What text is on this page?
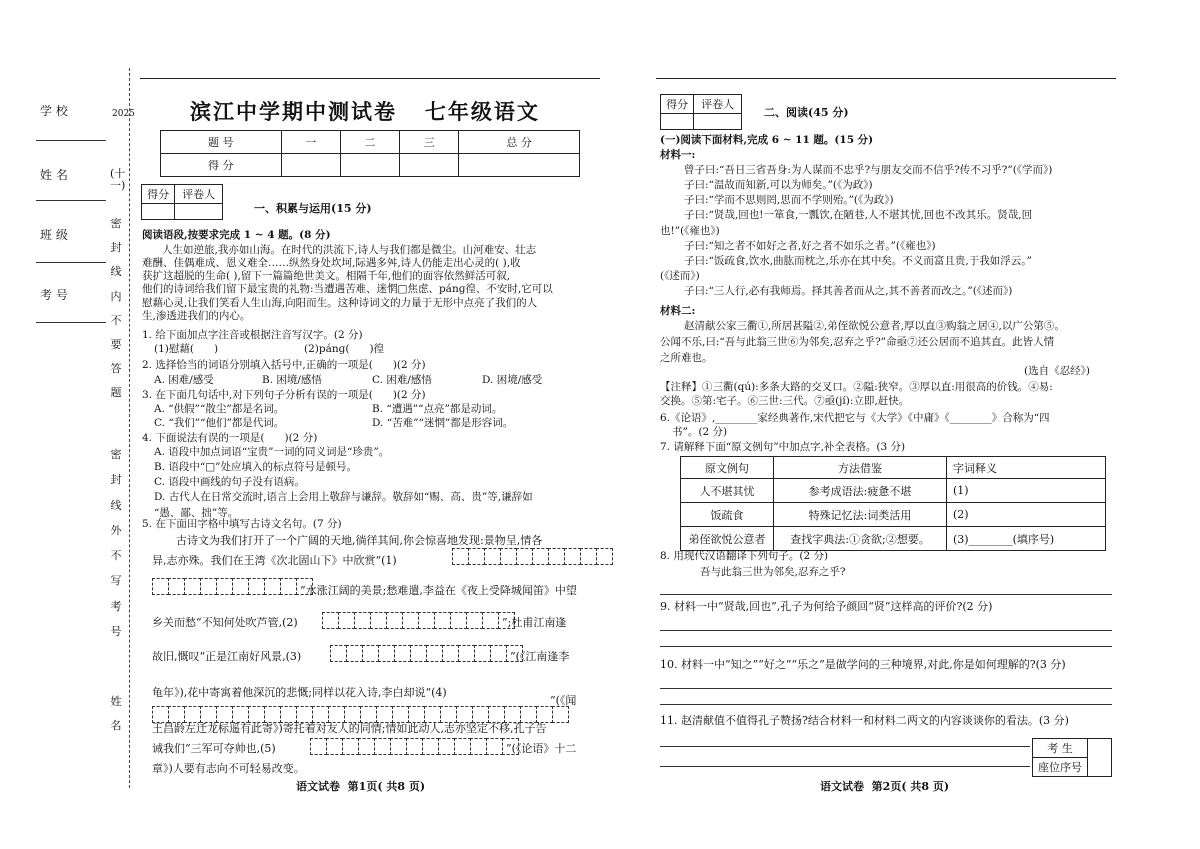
学 校
姓 名
班 级
考 号
2025
(十一)
密 封 线 内 不 要 答 题
密 封 线 外 不 写 考 号
姓 名
滨江中学期中测试卷   七年级语文
题 号	一	二	三	总 分
得 分				
得分	评卷人

一、积累与运用(15 分)
阅读语段,按要求完成 1 ~ 4 题。(8 分)
人生如逆旅,我亦如山海。在时代的洪流下,诗人与我们都是微尘。山河难安、壮志
难酬、佳偶难成、恩义难全……纵然身处坎坷,际遇多舛,诗人仍能走出心灵的( ),收
获扩这超脱的生命( ),留下一篇篇绝世美文。相隔千年,他们的面容依然鲜活可叙,
他们的诗词给我们留下最宝贵的礼物:当遭遇苦难、迷惘□焦虑、pánɡ徨、不安时,它可以
慰藉心灵,让我们笑看人生山海,向阳而生。这种诗词文的力量于无形中点亮了我们的人
生,渗透进我们的内心。
1. 给下面加点字注音或根据注音写汉字。(2 分)
(1)慰藉(      )	(2)pánɡ(      )徨
2. 选择恰当的词语分别填入括号中,正确的一项是(      )(2 分)
A. 困难/感受	B. 困境/感悟	C. 困难/感悟	D. 困境/感受
3. 在下面几句话中,对下列句子分析有误的一项是(      )(2 分)
A. “供假”“散尘”都是名词。	B. “遭遇”“点亮”都是动词。
C. “我们”“他们”都是代词。	D. “苦难”“迷惘”都是形容词。
4. 下面说法有误的一项是(      )(2 分)
A. 语段中加点词语“宝贵”一词的同义词是“珍贵”。
B. 语段中“□”处应填入的标点符号是顿号。
C. 语段中画线的句子没有语病。
D. 古代人在日常交流时,语言上会用上敬辞与谦辞。敬辞如“赐、高、贵”等,谦辞如
“愚、鄙、拙”等。
5. 在下面田字格中填写古诗文名句。(7 分)
古诗文为我们打开了一个广阔的天地,徜徉其间,你会惊喜地发现:景物呈,情各
异,志亦殊。我们在王湾《次北固山下》中欣赏“(1)
”水涨江阔的美景;愁难遣,李益在《夜上受降城闻笛》中望
乡关而愁“不知何处吹芦管,(2)	”;杜甫江南逢
故旧,慨叹“正是江南好风景,(3)	”(《江南逢李
龟年》),花中寄寓着他深沉的悲慨;同样以花入诗,李白却说“(4)
”(《闻
王昌龄左迁龙标遥有此寄》)寄托着对友人的同情;情如此动人,志亦坚定不移,孔子告
诫我们“三军可夺帅也,(5)	”(《论语》十二
章》)人要有志向不可轻易改变。
语文试卷  第1页( 共8 页)
得分	评卷人

二、阅读(45 分)
(一)阅读下面材料,完成 6 ~ 11 题。(15 分)
材料一:
曾子曰:“吾日三省吾身:为人谋而不忠乎?与朋友交而不信乎?传不习乎?”(《学而》)
子曰:“温故而知新,可以为师矣。”(《为政》)
子曰:“学而不思则罔,思而不学则殆。”(《为政》)
子曰:“贤哉,回也!一箪食,一瓢饮,在陋巷,人不堪其忧,回也不改其乐。贤哉,回
也!”(《雍也》)
子曰:“知之者不如好之者,好之者不如乐之者。”(《雍也》)
子曰:“饭疏食,饮水,曲肱而枕之,乐亦在其中矣。不义而富且贵,于我如浮云。”
(《述而》)
子曰:“三人行,必有我师焉。择其善者而从之,其不善者而改之。”(《述而》)
材料二:
赵清献公家三衢①,所居甚隘②,弟侄欲悦公意者,厚以直③购翁之居④,以广公第⑤。
公闻不乐,曰:“吾与此翁三世⑥为邻矣,忍弃之乎?”命亟⑦还公居而不追其直。此皆人情
之所难也。
(选自《忍经》)
【注释】①三衢(qú):多条大路的交叉口。②隘:狭窄。③厚以直:用很高的价钱。④易:
交换。⑤第:宅子。⑥三世:三代。⑦亟(jí):立即,赶快。
6.《论语》,________家经典著作,宋代把它与《大学》《中庸》《________》合称为“四
书”。(2 分)
7. 请解释下面“原文例句”中加点字,补全表格。(3 分)
原文例句	方法借鉴	字词释义
人不堪其忧	参考成语法:疲惫不堪	(1)
饭疏食	特殊记忆法:词类活用	(2)
弟侄欲悦公意者	查找字典法:①贪欲;②想要。	(3)________(填序号)
8. 用现代汉语翻译下列句子。(2 分)
吾与此翁三世为邻矣,忍弃之乎?
9. 材料一中“贤哉,回也”,孔子为何给予颜回“贤”这样高的评价?(2 分)
10. 材料一中“知之”“好之”“乐之”是做学问的三种境界,对此,你是如何理解的?(3 分)
11. 赵清献值不值得孔子赞扬?结合材料一和材料二两文的内容谈谈你的看法。(3 分)
考 生	
座位序号
语文试卷  第2页( 共8 页)
